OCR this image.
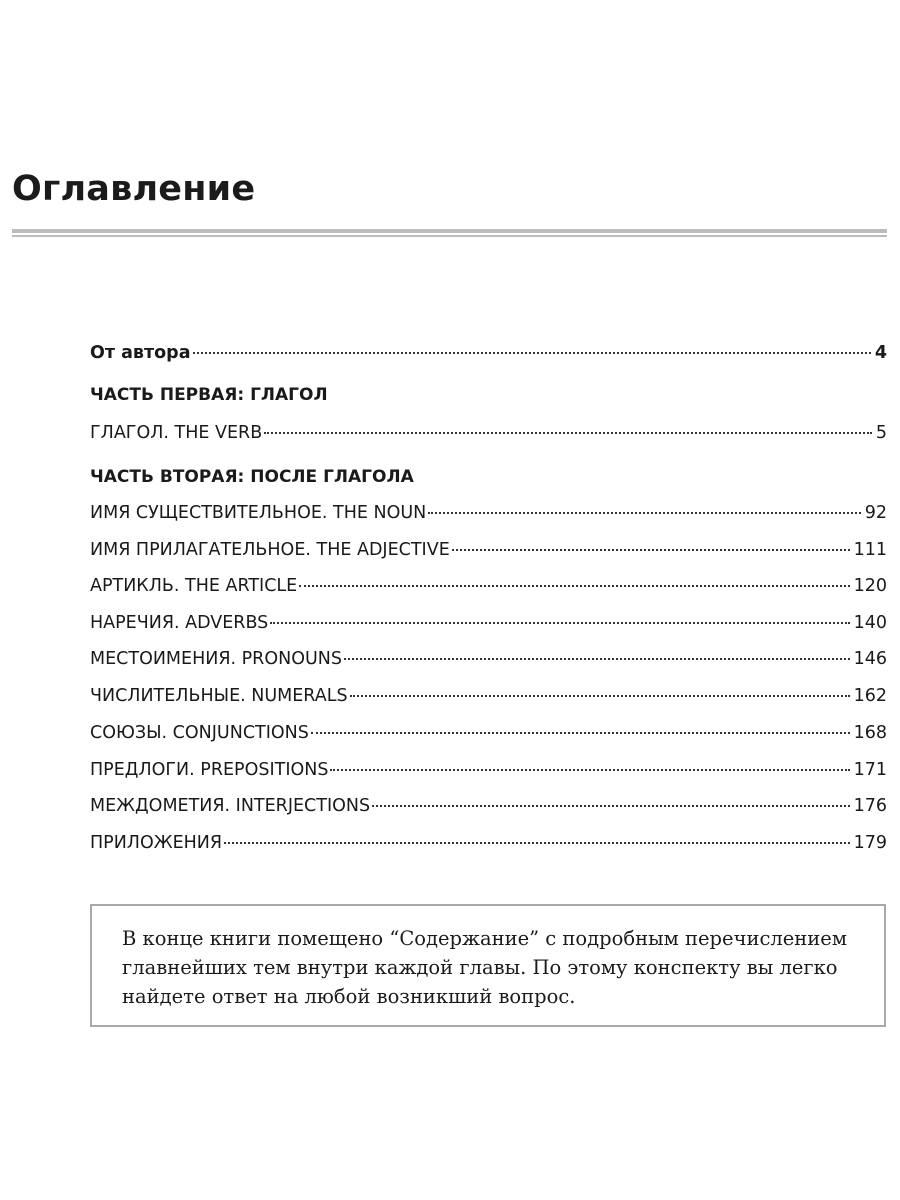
Оглавление
От автора	4
ЧАСТЬ ПЕРВАЯ: ГЛАГОЛ
ГЛАГОЛ. THE VERB	5
ЧАСТЬ ВТОРАЯ: ПОСЛЕ ГЛАГОЛА
ИМЯ СУЩЕСТВИТЕЛЬНОЕ. THE NOUN	92
ИМЯ ПРИЛАГАТЕЛЬНОЕ. THE ADJECTIVE	111
АРТИКЛЬ. THE ARTICLE	120
НАРЕЧИЯ. ADVERBS	140
МЕСТОИМЕНИЯ. PRONOUNS	146
ЧИСЛИТЕЛЬНЫЕ. NUMERALS	162
СОЮЗЫ. CONJUNCTIONS	168
ПРЕДЛОГИ. PREPOSITIONS	171
МЕЖДОМЕТИЯ. INTERJECTIONS	176
ПРИЛОЖЕНИЯ	179

В конце книги помещено “Содержание” с подробным перечислением
главнейших тем внутри каждой главы. По этому конспекту вы легко
найдете ответ на любой возникший вопрос.
